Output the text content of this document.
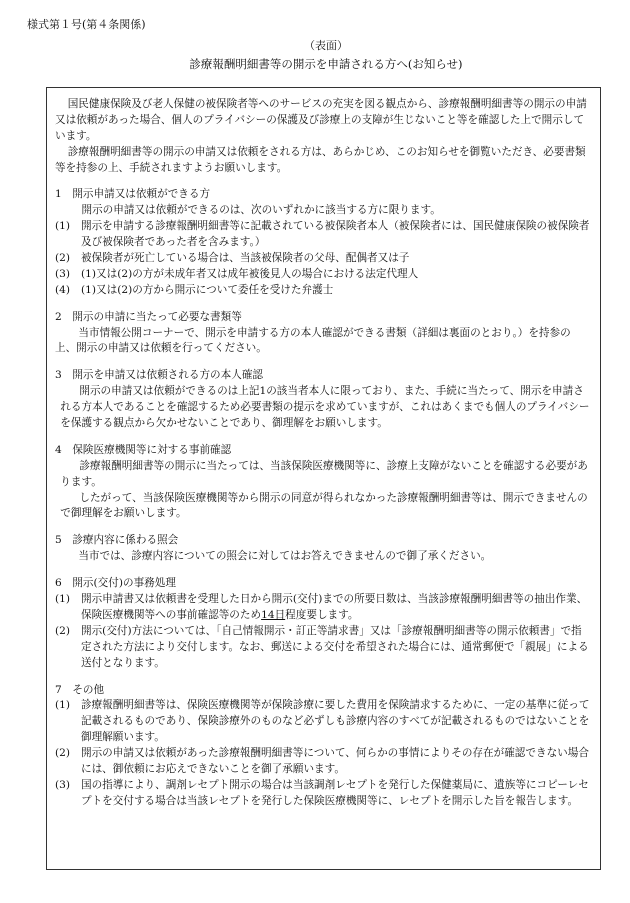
様式第１号(第４条関係)
（表面）
診療報酬明細書等の開示を申請される方へ(お知らせ)

国民健康保険及び老人保健の被保険者等へのサービスの充実を図る観点から、診療報酬明細書等の開示の申請又は依頼があった場合、個人のプライバシーの保護及び診療上の支障が生じないこと等を確認した上で開示しています。

診療報酬明細書等の開示の申請又は依頼をされる方は、あらかじめ、このお知らせを御覧いただき、必要書類等を持参の上、手続されますようお願いします。

1　開示申請又は依頼ができる方

開示の申請又は依頼ができるのは、次のいずれかに該当する方に限ります。

(1)	開示を申請する診療報酬明細書等に記載されている被保険者本人（被保険者には、国民健康保険の被保険者及び被保険者であった者を含みます。）
(2)	被保険者が死亡している場合は、当該被保険者の父母、配偶者又は子
(3)	(1)又は(2)の方が未成年者又は成年被後見人の場合における法定代理人
(4)	(1)又は(2)の方から開示について委任を受けた弁護士

2　開示の申請に当たって必要な書類等

当市情報公開コーナーで、開示を申請する方の本人確認ができる書類（詳細は裏面のとおり。）を持参の上、開示の申請又は依頼を行ってください。

3　開示を申請又は依頼される方の本人確認

開示の申請又は依頼ができるのは上記1の該当者本人に限っており、また、手続に当たって、開示を申請される方本人であることを確認するため必要書類の提示を求めていますが、これはあくまでも個人のプライバシーを保護する観点から欠かせないことであり、御理解をお願いします。

4　保険医療機関等に対する事前確認

診療報酬明細書等の開示に当たっては、当該保険医療機関等に、診療上支障がないことを確認する必要があります。

したがって、当該保険医療機関等から開示の同意が得られなかった診療報酬明細書等は、開示できませんので御理解をお願いします。

5　診療内容に係わる照会

当市では、診療内容についての照会に対してはお答えできませんので御了承ください。

6　開示(交付)の事務処理

(1)	開示申請書又は依頼書を受理した日から開示(交付)までの所要日数は、当該診療報酬明細書等の抽出作業、保険医療機関等への事前確認等のため14日程度要します。
(2)	開示(交付)方法については、「自己情報開示・訂正等請求書」又は「診療報酬明細書等の開示依頼書」で指定された方法により交付します。なお、郵送による交付を希望された場合には、通常郵便で「親展」による送付となります。

7　その他

(1)	診療報酬明細書等は、保険医療機関等が保険診療に要した費用を保険請求するために、一定の基準に従って記載されるものであり、保険診療外のものなど必ずしも診療内容のすべてが記載されるものではないことを御理解願います。
(2)	開示の申請又は依頼があった診療報酬明細書等について、何らかの事情によりその存在が確認できない場合には、御依頼にお応えできないことを御了承願います。
(3)	国の指導により、調剤レセプト開示の場合は当該調剤レセプトを発行した保健薬局に、遺族等にコピーレセプトを交付する場合は当該レセプトを発行した保険医療機関等に、レセプトを開示した旨を報告します。
